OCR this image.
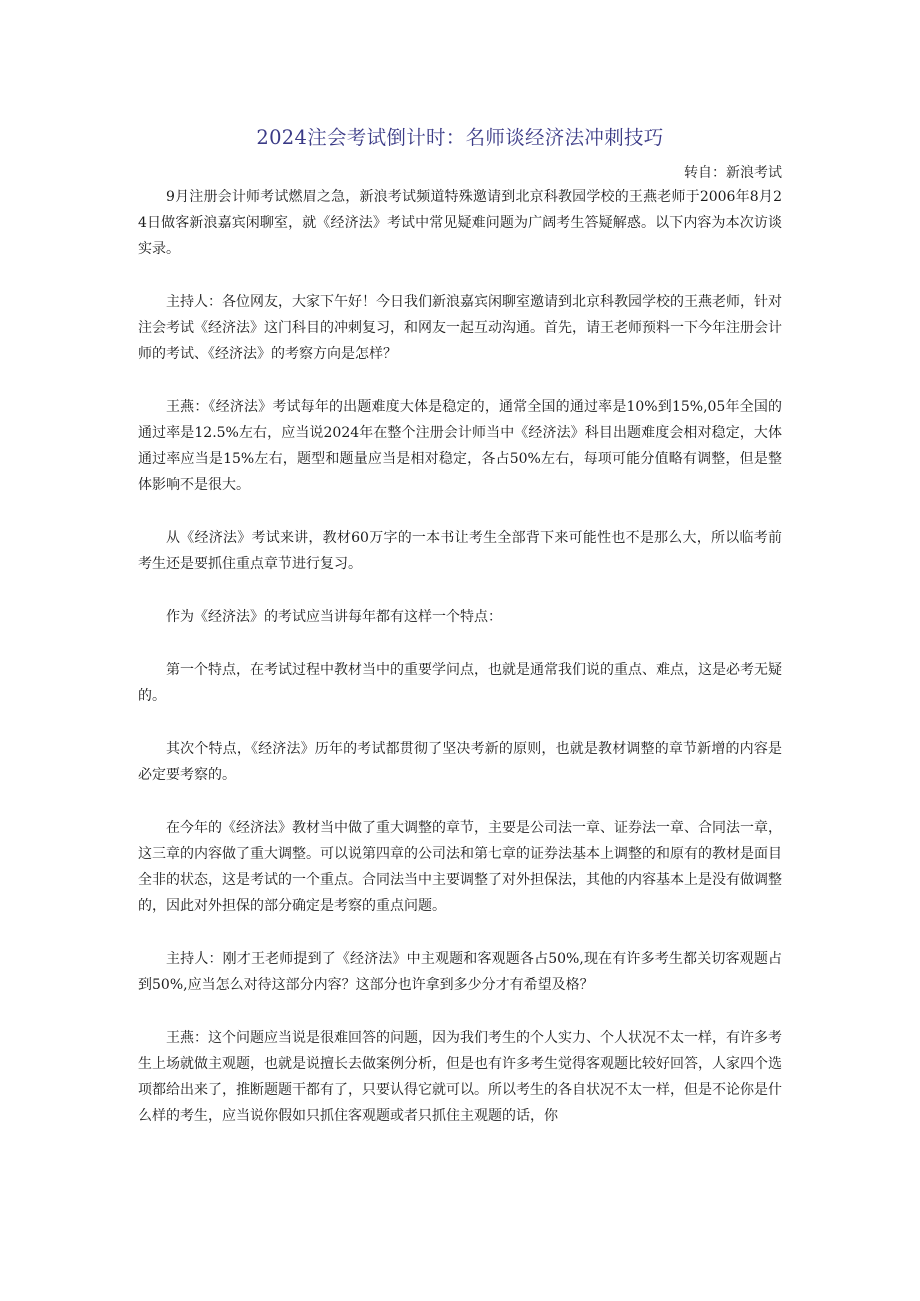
2024注会考试倒计时：名师谈经济法冲刺技巧
转自：新浪考试

9月注册会计师考试燃眉之急，新浪考试频道特殊邀请到北京科教园学校的王燕老师于2006年8月24日做客新浪嘉宾闲聊室，就《经济法》考试中常见疑难问题为广阔考生答疑解惑。以下内容为本次访谈实录。

主持人：各位网友，大家下午好！今日我们新浪嘉宾闲聊室邀请到北京科教园学校的王燕老师，针对注会考试《经济法》这门科目的冲刺复习，和网友一起互动沟通。首先，请王老师预料一下今年注册会计师的考试、《经济法》的考察方向是怎样？

王燕：《经济法》考试每年的出题难度大体是稳定的，通常全国的通过率是10%到15%,05年全国的通过率是12.5%左右，应当说2024年在整个注册会计师当中《经济法》科目出题难度会相对稳定，大体通过率应当是15%左右，题型和题量应当是相对稳定，各占50%左右，每项可能分值略有调整，但是整体影响不是很大。

从《经济法》考试来讲，教材60万字的一本书让考生全部背下来可能性也不是那么大，所以临考前考生还是要抓住重点章节进行复习。

作为《经济法》的考试应当讲每年都有这样一个特点：

第一个特点，在考试过程中教材当中的重要学问点，也就是通常我们说的重点、难点，这是必考无疑的。

其次个特点，《经济法》历年的考试都贯彻了坚决考新的原则，也就是教材调整的章节新增的内容是必定要考察的。

在今年的《经济法》教材当中做了重大调整的章节，主要是公司法一章、证券法一章、合同法一章，这三章的内容做了重大调整。可以说第四章的公司法和第七章的证券法基本上调整的和原有的教材是面目全非的状态，这是考试的一个重点。合同法当中主要调整了对外担保法，其他的内容基本上是没有做调整的，因此对外担保的部分确定是考察的重点问题。

主持人：刚才王老师提到了《经济法》中主观题和客观题各占50%,现在有许多考生都关切客观题占到50%,应当怎么对待这部分内容？这部分也许拿到多少分才有希望及格？

王燕：这个问题应当说是很难回答的问题，因为我们考生的个人实力、个人状况不太一样，有许多考生上场就做主观题，也就是说擅长去做案例分析，但是也有许多考生觉得客观题比较好回答，人家四个选项都给出来了，推断题题干都有了，只要认得它就可以。所以考生的各自状况不太一样，但是不论你是什么样的考生，应当说你假如只抓住客观题或者只抓住主观题的话，你
